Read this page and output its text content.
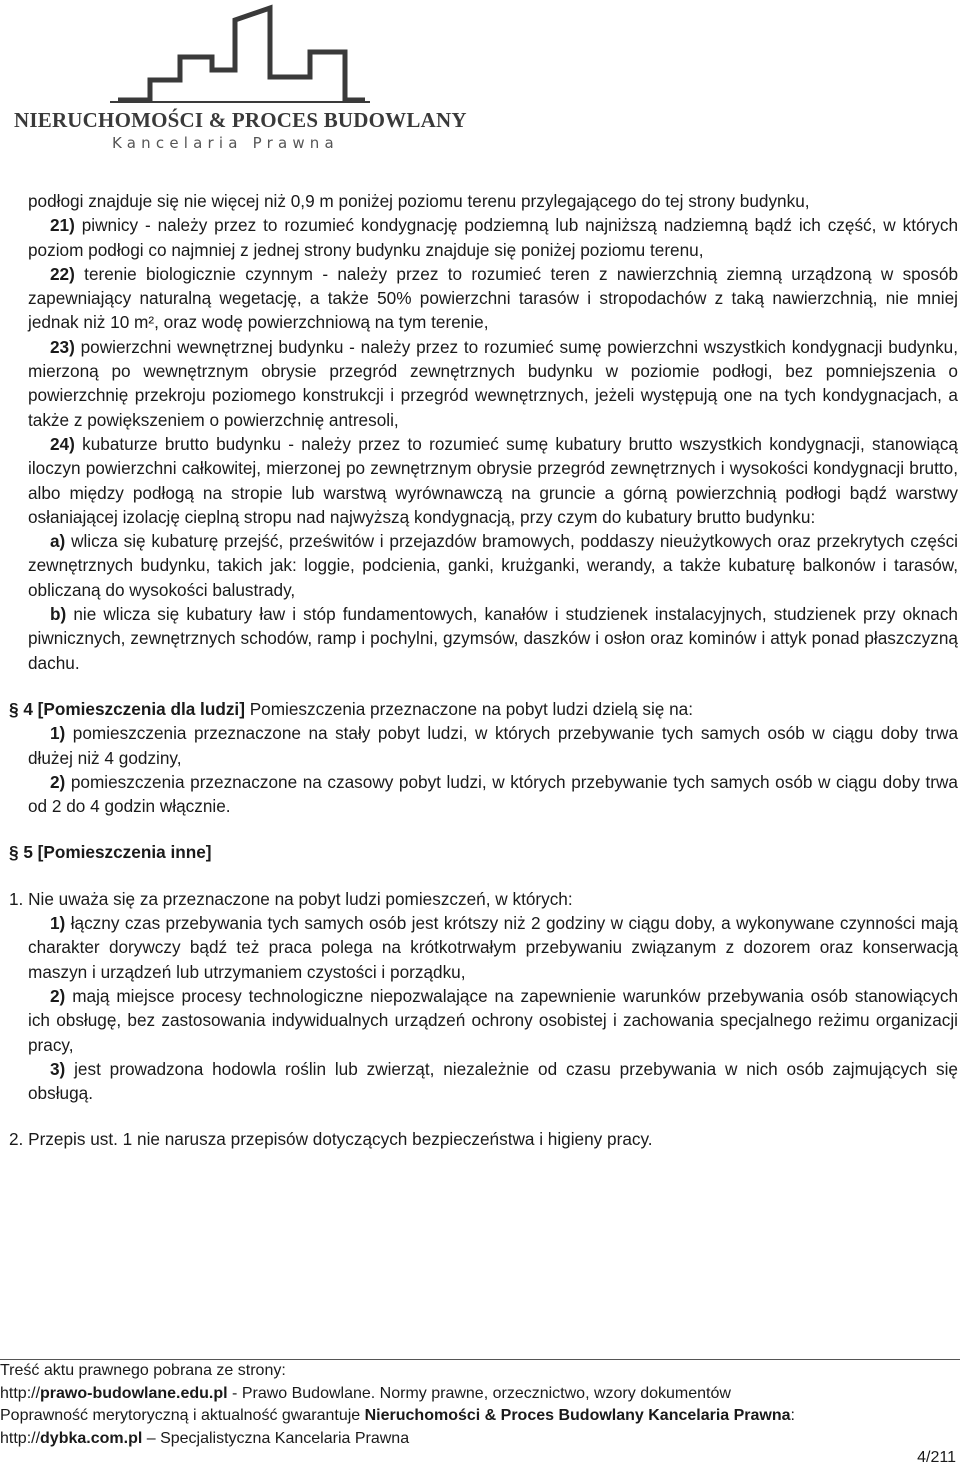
NIERUCHOMOŚCI & PROCES BUDOWLANY
Kancelaria Prawna

podłogi znajduje się nie więcej niż 0,9 m poniżej poziomu terenu przylegającego do tej strony budynku,

21) piwnicy - należy przez to rozumieć kondygnację podziemną lub najniższą nadziemną bądź ich część, w których poziom podłogi co najmniej z jednej strony budynku znajduje się poniżej poziomu terenu,

22) terenie biologicznie czynnym - należy przez to rozumieć teren z nawierzchnią ziemną urządzoną w sposób zapewniający naturalną wegetację, a także 50% powierzchni tarasów i stropodachów z taką nawierzchnią, nie mniej jednak niż 10 m², oraz wodę powierzchniową na tym terenie,

23) powierzchni wewnętrznej budynku - należy przez to rozumieć sumę powierzchni wszystkich kondygnacji budynku, mierzoną po wewnętrznym obrysie przegród zewnętrznych budynku w poziomie podłogi, bez pomniejszenia o powierzchnię przekroju poziomego konstrukcji i przegród wewnętrznych, jeżeli występują one na tych kondygnacjach, a także z powiększeniem o powierzchnię antresoli,

24) kubaturze brutto budynku - należy przez to rozumieć sumę kubatury brutto wszystkich kondygnacji, stanowiącą iloczyn powierzchni całkowitej, mierzonej po zewnętrznym obrysie przegród zewnętrznych i wysokości kondygnacji brutto, albo między podłogą na stropie lub warstwą wyrównawczą na gruncie a górną powierzchnią podłogi bądź warstwy osłaniającej izolację cieplną stropu nad najwyższą kondygnacją, przy czym do kubatury brutto budynku:

a) wlicza się kubaturę przejść, prześwitów i przejazdów bramowych, poddaszy nieużytkowych oraz przekrytych części zewnętrznych budynku, takich jak: loggie, podcienia, ganki, krużganki, werandy, a także kubaturę balkonów i tarasów, obliczaną do wysokości balustrady,

b) nie wlicza się kubatury ław i stóp fundamentowych, kanałów i studzienek instalacyjnych, studzienek przy oknach piwnicznych, zewnętrznych schodów, ramp i pochylni, gzymsów, daszków i osłon oraz kominów i attyk ponad płaszczyzną dachu.

§ 4 [Pomieszczenia dla ludzi] Pomieszczenia przeznaczone na pobyt ludzi dzielą się na:

1) pomieszczenia przeznaczone na stały pobyt ludzi, w których przebywanie tych samych osób w ciągu doby trwa dłużej niż 4 godziny,

2) pomieszczenia przeznaczone na czasowy pobyt ludzi, w których przebywanie tych samych osób w ciągu doby trwa od 2 do 4 godzin włącznie.

§ 5 [Pomieszczenia inne]

1. Nie uważa się za przeznaczone na pobyt ludzi pomieszczeń, w których:

1) łączny czas przebywania tych samych osób jest krótszy niż 2 godziny w ciągu doby, a wykonywane czynności mają charakter dorywczy bądź też praca polega na krótkotrwałym przebywaniu związanym z dozorem oraz konserwacją maszyn i urządzeń lub utrzymaniem czystości i porządku,

2) mają miejsce procesy technologiczne niepozwalające na zapewnienie warunków przebywania osób stanowiących ich obsługę, bez zastosowania indywidualnych urządzeń ochrony osobistej i zachowania specjalnego reżimu organizacji pracy,

3) jest prowadzona hodowla roślin lub zwierząt, niezależnie od czasu przebywania w nich osób zajmujących się obsługą.

2. Przepis ust. 1 nie narusza przepisów dotyczących bezpieczeństwa i higieny pracy.

Treść aktu prawnego pobrana ze strony:
http://prawo-budowlane.edu.pl - Prawo Budowlane. Normy prawne, orzecznictwo, wzory dokumentów
Poprawność merytoryczną i aktualność gwarantuje Nieruchomości & Proces Budowlany Kancelaria Prawna:
http://dybka.com.pl – Specjalistyczna Kancelaria Prawna
4/211
